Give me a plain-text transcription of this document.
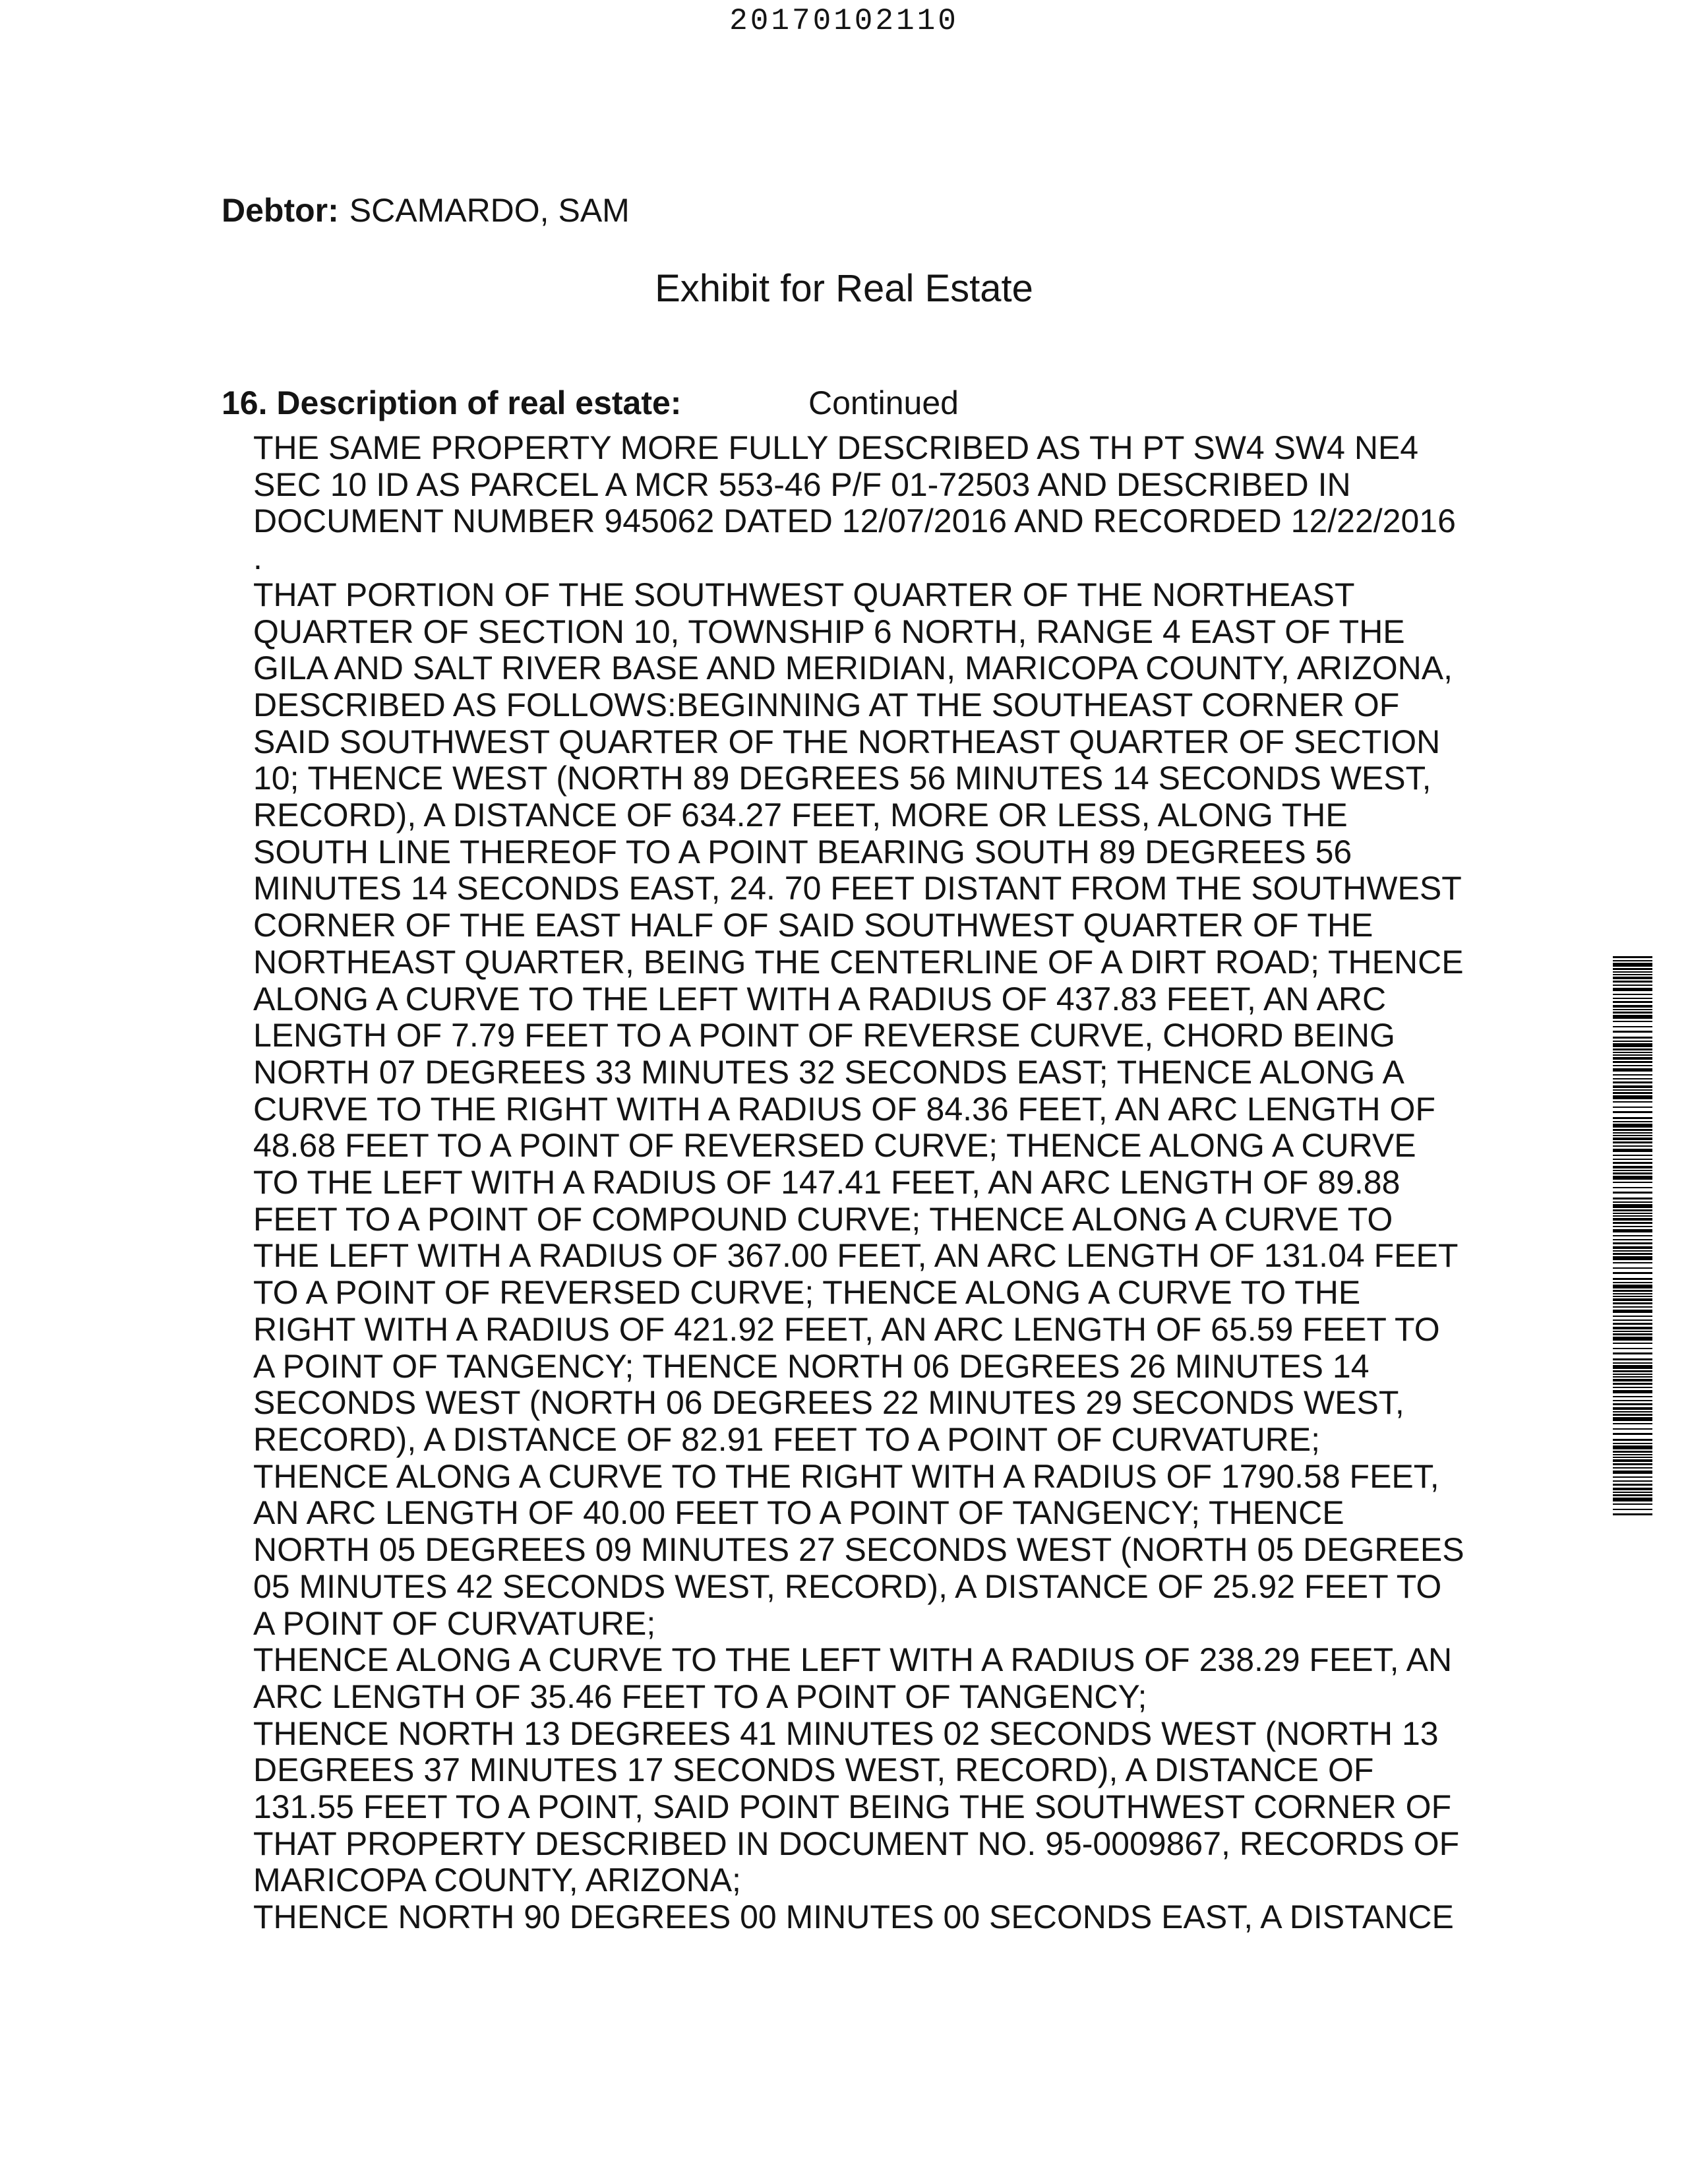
20170102110
Debtor: SCAMARDO, SAM
Exhibit for Real Estate
16. Description of real estate:	Continued
THE SAME PROPERTY MORE FULLY DESCRIBED AS TH PT SW4 SW4 NE4
SEC 10 ID AS PARCEL A MCR 553-46 P/F 01-72503 AND DESCRIBED IN
DOCUMENT NUMBER 945062 DATED 12/07/2016 AND RECORDED 12/22/2016
.
THAT PORTION OF THE SOUTHWEST QUARTER OF THE NORTHEAST
QUARTER OF SECTION 10, TOWNSHIP 6 NORTH, RANGE 4 EAST OF THE
GILA AND SALT RIVER BASE AND MERIDIAN, MARICOPA COUNTY, ARIZONA,
DESCRIBED AS FOLLOWS:BEGINNING AT THE SOUTHEAST CORNER OF
SAID SOUTHWEST QUARTER OF THE NORTHEAST QUARTER OF SECTION
10; THENCE WEST (NORTH 89 DEGREES 56 MINUTES 14 SECONDS WEST,
RECORD), A DISTANCE OF 634.27 FEET, MORE OR LESS, ALONG THE
SOUTH LINE THEREOF TO A POINT BEARING SOUTH 89 DEGREES 56
MINUTES 14 SECONDS EAST, 24. 70 FEET DISTANT FROM THE SOUTHWEST
CORNER OF THE EAST HALF OF SAID SOUTHWEST QUARTER OF THE
NORTHEAST QUARTER, BEING THE CENTERLINE OF A DIRT ROAD; THENCE
ALONG A CURVE TO THE LEFT WITH A RADIUS OF 437.83 FEET, AN ARC
LENGTH OF 7.79 FEET TO A POINT OF REVERSE CURVE, CHORD BEING
NORTH 07 DEGREES 33 MINUTES 32 SECONDS EAST; THENCE ALONG A
CURVE TO THE RIGHT WITH A RADIUS OF 84.36 FEET, AN ARC LENGTH OF
48.68 FEET TO A POINT OF REVERSED CURVE; THENCE ALONG A CURVE
TO THE LEFT WITH A RADIUS OF 147.41 FEET, AN ARC LENGTH OF 89.88
FEET TO A POINT OF COMPOUND CURVE; THENCE ALONG A CURVE TO
THE LEFT WITH A RADIUS OF 367.00 FEET, AN ARC LENGTH OF 131.04 FEET
TO A POINT OF REVERSED CURVE; THENCE ALONG A CURVE TO THE
RIGHT WITH A RADIUS OF 421.92 FEET, AN ARC LENGTH OF 65.59 FEET TO
A POINT OF TANGENCY; THENCE NORTH 06 DEGREES 26 MINUTES 14
SECONDS WEST (NORTH 06 DEGREES 22 MINUTES 29 SECONDS WEST,
RECORD), A DISTANCE OF 82.91 FEET TO A POINT OF CURVATURE;
THENCE ALONG A CURVE TO THE RIGHT WITH A RADIUS OF 1790.58 FEET,
AN ARC LENGTH OF 40.00 FEET TO A POINT OF TANGENCY; THENCE
NORTH 05 DEGREES 09 MINUTES 27 SECONDS WEST (NORTH 05 DEGREES
05 MINUTES 42 SECONDS WEST, RECORD), A DISTANCE OF 25.92 FEET TO
A POINT OF CURVATURE;
THENCE ALONG A CURVE TO THE LEFT WITH A RADIUS OF 238.29 FEET, AN
ARC LENGTH OF 35.46 FEET TO A POINT OF TANGENCY;
THENCE NORTH 13 DEGREES 41 MINUTES 02 SECONDS WEST (NORTH 13
DEGREES 37 MINUTES 17 SECONDS WEST, RECORD), A DISTANCE OF
131.55 FEET TO A POINT, SAID POINT BEING THE SOUTHWEST CORNER OF
THAT PROPERTY DESCRIBED IN DOCUMENT NO. 95-0009867, RECORDS OF
MARICOPA COUNTY, ARIZONA;
THENCE NORTH 90 DEGREES 00 MINUTES 00 SECONDS EAST, A DISTANCE
